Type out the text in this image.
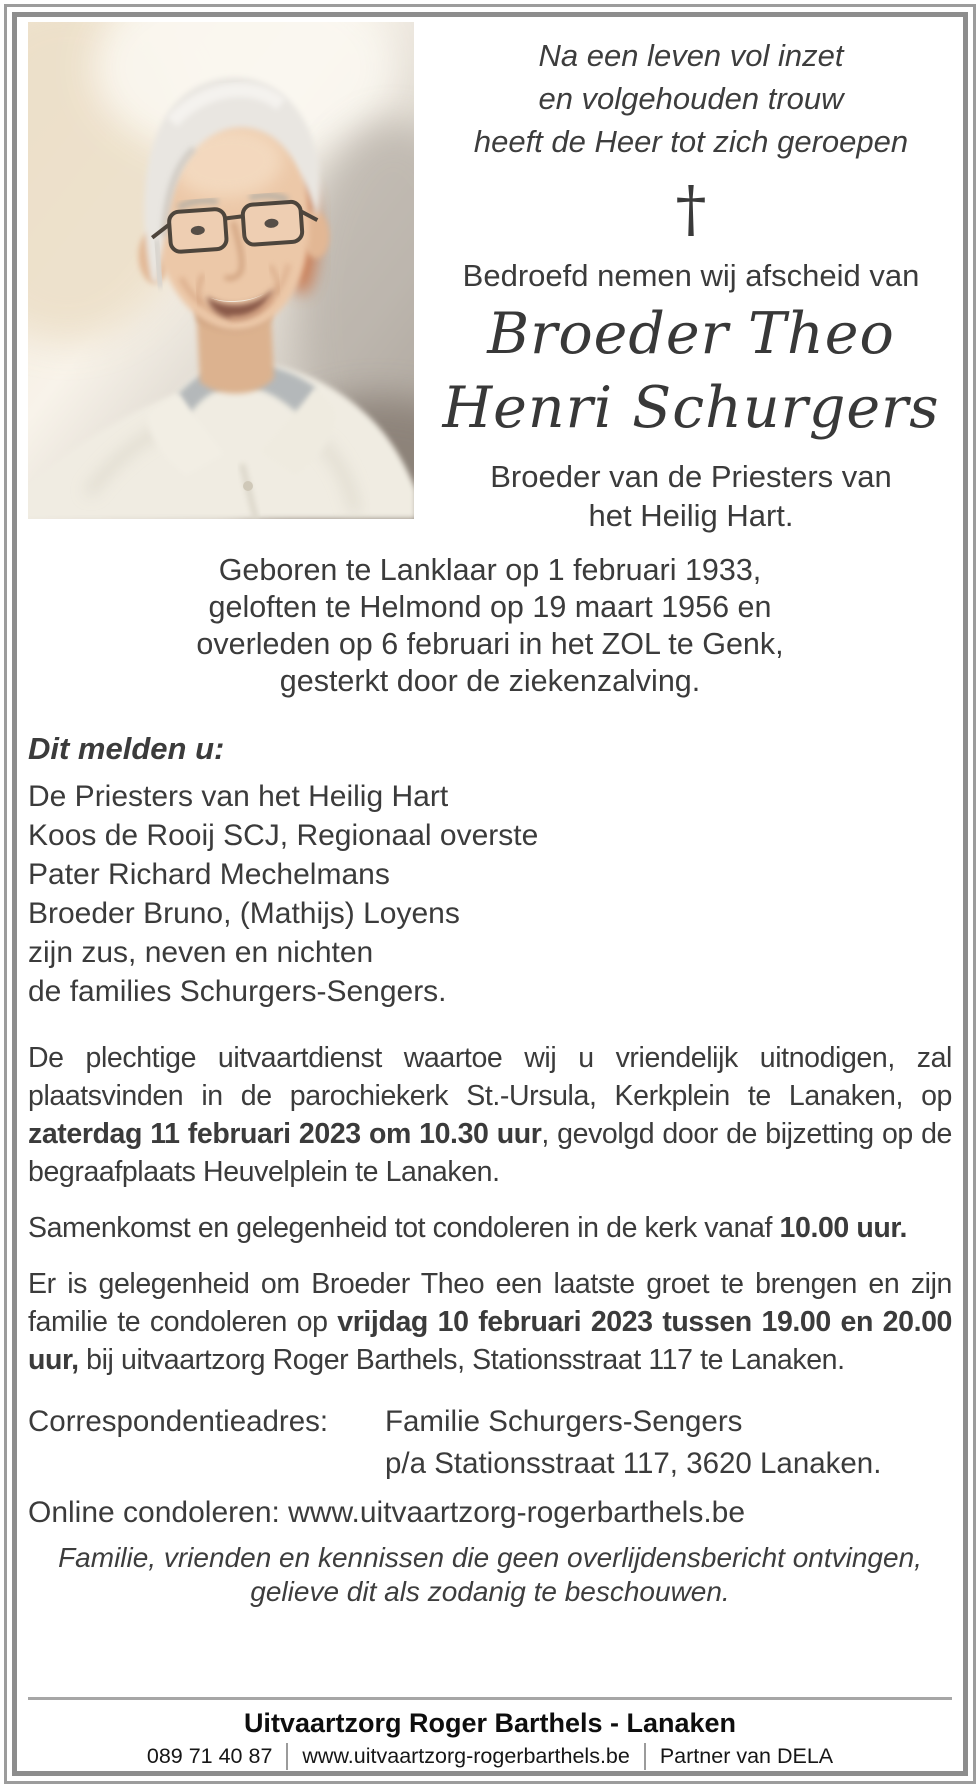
Na een leven vol inzet
en volgehouden trouw
heeft de Heer tot zich geroepen
†
Bedroefd nemen wij afscheid van
Broeder Theo
Henri Schurgers
Broeder van de Priesters van
het Heilig Hart.
Geboren te Lanklaar op 1 februari 1933,
geloften te Helmond op 19 maart 1956 en
overleden op 6 februari in het ZOL te Genk,
gesterkt door de ziekenzalving.
Dit melden u:
De Priesters van het Heilig Hart
Koos de Rooij SCJ, Regionaal overste
Pater Richard Mechelmans
Broeder Bruno, (Mathijs) Loyens
zijn zus, neven en nichten
de families Schurgers-Sengers.

De plechtige uitvaartdienst waartoe wij u vriendelijk uitnodigen, zal plaatsvinden in de parochiekerk St.-Ursula, Kerkplein te Lanaken, op zaterdag 11 februari 2023 om 10.30 uur, gevolgd door de bijzetting op de begraafplaats Heuvelplein te Lanaken.

Samenkomst en gelegenheid tot condoleren in de kerk vanaf 10.00 uur.

Er is gelegenheid om Broeder Theo een laatste groet te brengen en zijn familie te condoleren op vrijdag 10 februari 2023 tussen 19.00 en 20.00 uur, bij uitvaartzorg Roger Barthels, Stationsstraat 117 te Lanaken.

Correspondentieadres:	Familie Schurgers-Sengers
p/a Stationsstraat 117, 3620 Lanaken.
Online condoleren: www.uitvaartzorg-rogerbarthels.be
Familie, vrienden en kennissen die geen overlijdensbericht ontvingen,
gelieve dit als zodanig te beschouwen.
Uitvaartzorg Roger Barthels - Lanaken
089 71 40 87 www.uitvaartzorg-rogerbarthels.be Partner van DELA
